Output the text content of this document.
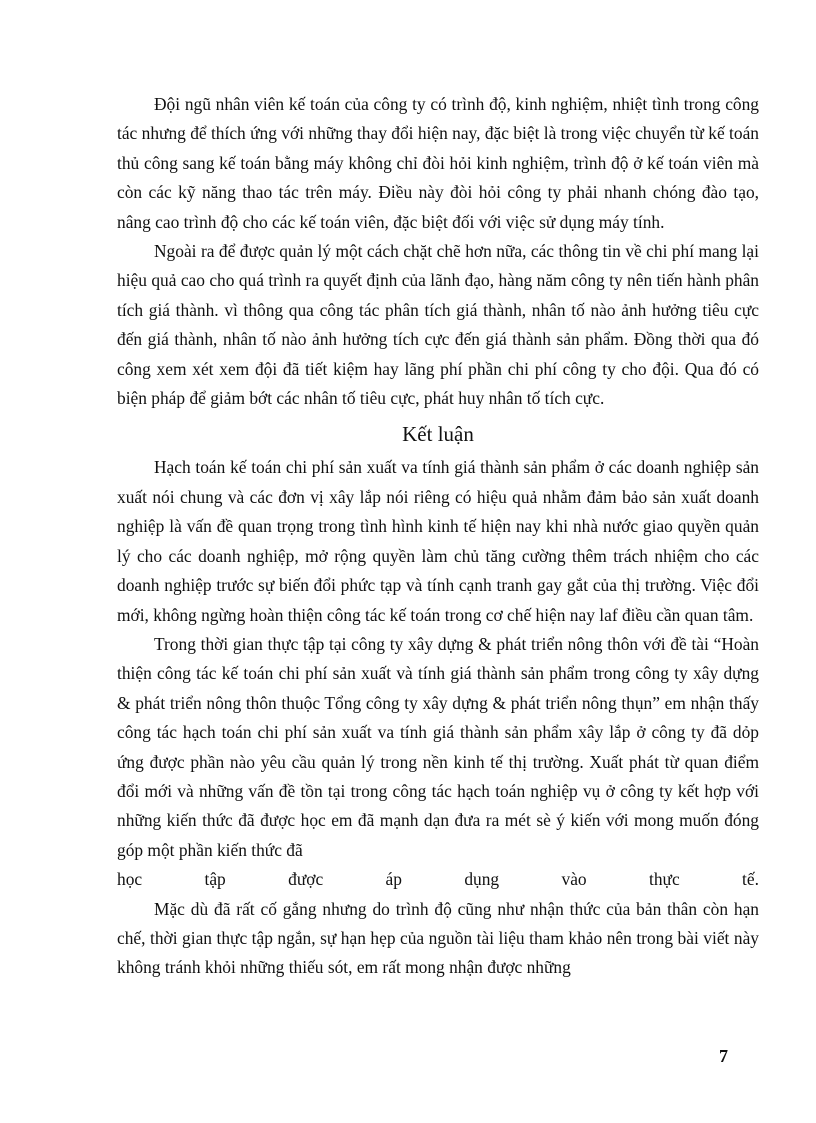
Đội ngũ nhân viên kế toán của công ty có trình độ, kinh nghiệm, nhiệt tình trong công tác nhưng để thích ứng với những thay đổi hiện nay, đặc biệt là trong việc chuyển từ kế toán thủ công sang kế toán bằng máy không chỉ đòi hỏi kinh nghiệm, trình độ ở kế toán viên mà còn các kỹ năng thao tác trên máy. Điều này đòi hỏi công ty phải nhanh chóng đào tạo, nâng cao trình độ cho các kế toán viên, đặc biệt đối với việc sử dụng máy tính.

Ngoài ra để được quản lý một cách chặt chẽ hơn nữa, các thông tin về chi phí mang lại hiệu quả cao cho quá trình ra quyết định của lãnh đạo, hàng năm công ty nên tiến hành phân tích giá thành. vì thông qua công tác phân tích giá thành, nhân tố nào ảnh hưởng tiêu cực đến giá thành, nhân tố nào ảnh hưởng tích cực đến giá thành sản phẩm. Đồng thời qua đó công xem xét xem đội đã tiết kiệm hay lãng phí phần chi phí công ty cho đội. Qua đó có biện pháp để giảm bớt các nhân tố tiêu cực, phát huy nhân tố tích cực.

Kết luận

Hạch toán kế toán chi phí sản xuất va tính giá thành sản phẩm ở các doanh nghiệp sản xuất nói chung và các đơn vị xây lắp nói riêng có hiệu quả nhằm đảm bảo sản xuất doanh nghiệp là vấn đề quan trọng trong tình hình kinh tế hiện nay khi nhà nước giao quyền quản lý cho các doanh nghiệp, mở rộng quyền làm chủ tăng cường thêm trách nhiệm cho các doanh nghiệp trước sự biến đổi phức tạp và tính cạnh tranh gay gắt của thị trường. Việc đổi mới, không ngừng hoàn thiện công tác kế toán trong cơ chế hiện nay laf điều cần quan tâm.

Trong thời gian thực tập tại công ty xây dựng & phát triển nông thôn với đề tài “Hoàn thiện công tác kế toán chi phí sản xuất và tính giá thành sản phẩm trong công ty xây dựng & phát triển nông thôn thuộc Tổng công ty xây dựng & phát triển nông thụn” em nhận thấy công tác hạch toán chi phí sản xuất va tính giá thành sản phẩm xây lắp ở công ty đã dỏp ứng được phần nào yêu cầu quản lý trong nền kinh tế thị trường. Xuất phát từ quan điểm đổi mới và những vấn đề tồn tại trong công tác hạch toán nghiệp vụ ở công ty kết hợp với những kiến thức đã được học em đã mạnh dạn đưa ra mét sè ý kiến với mong muốn đóng góp một phần kiến thức đã

học	tập	được	áp	dụng	vào	thực	tế.

Mặc dù đã rất cố gắng nhưng do trình độ cũng như nhận thức của bản thân còn hạn chế, thời gian thực tập ngắn, sự hạn hẹp của nguồn tài liệu tham khảo nên trong bài viết này không tránh khỏi những thiếu sót, em rất mong nhận được những

7
